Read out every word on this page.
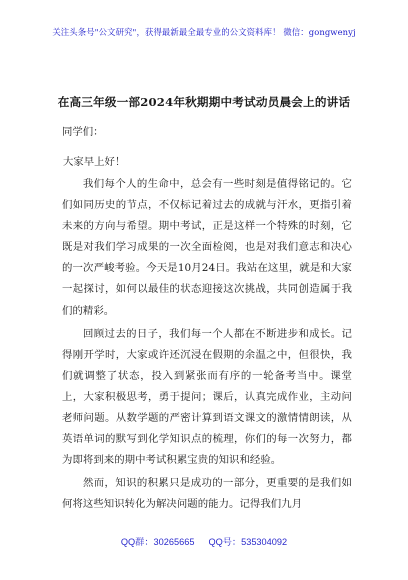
关注头条号"公文研究"，获得最新最全最专业的公文资料库！ 微信：gongwenyj
在高三年级一部2024年秋期期中考试动员晨会上的讲话
同学们：
大家早上好！

我们每个人的生命中，总会有一些时刻是值得铭记的。它们如同历史的节点，不仅标记着过去的成就与汗水，更指引着未来的方向与希望。期中考试，正是这样一个特殊的时刻，它既是对我们学习成果的一次全面检阅，也是对我们意志和决心的一次严峻考验。今天是10月24日。我站在这里，就是和大家一起探讨，如何以最佳的状态迎接这次挑战，共同创造属于我们的精彩。

回顾过去的日子，我们每一个人都在不断进步和成长。记得刚开学时，大家或许还沉浸在假期的余温之中，但很快，我们就调整了状态，投入到紧张而有序的一轮备考当中。课堂上，大家积极思考，勇于提问；课后，认真完成作业，主动问老师问题。从数学题的严密计算到语文课文的激情情朗读，从英语单词的默写到化学知识点的梳理，你们的每一次努力，都为即将到来的期中考试积累宝贵的知识和经验。

然而，知识的积累只是成功的一部分，更重要的是我们如何将这些知识转化为解决问题的能力。记得我们九月

QQ群：30265665 QQ号：535304092
